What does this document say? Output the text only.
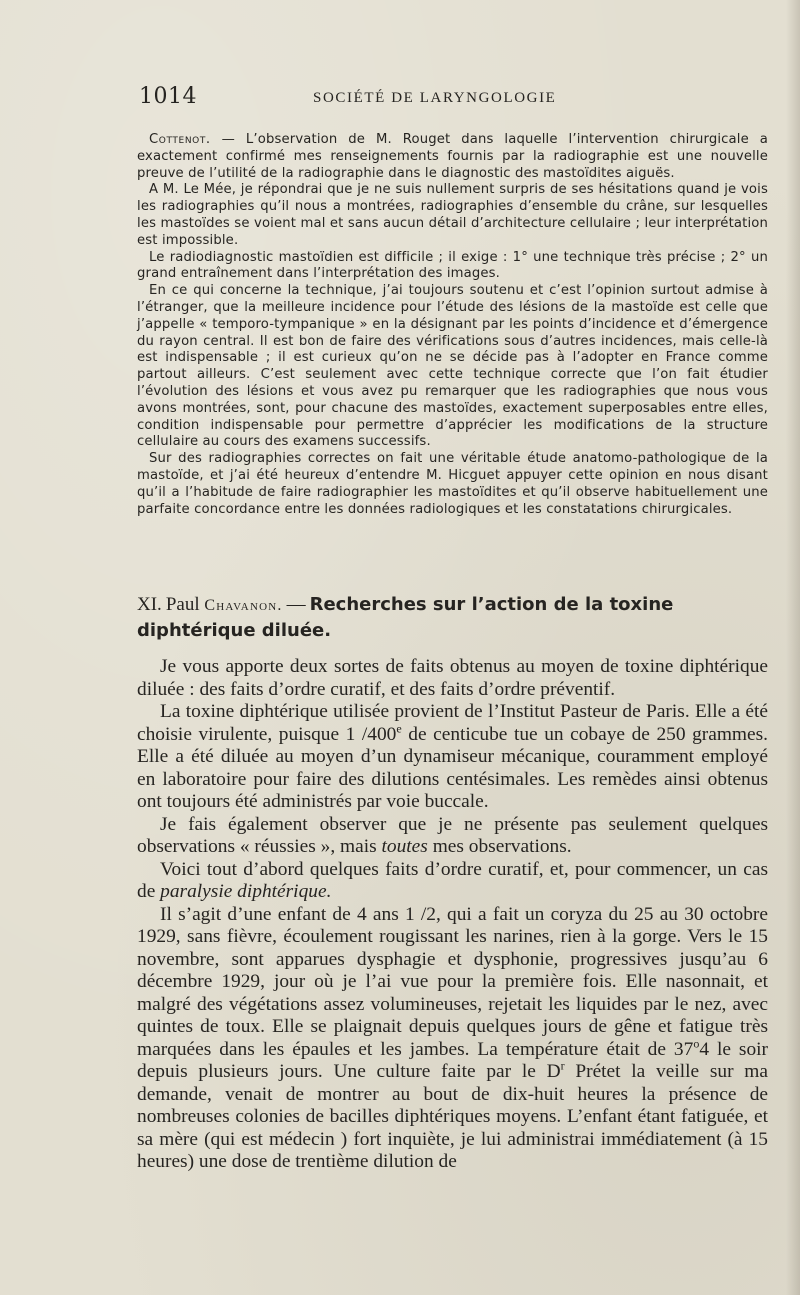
1014	SOCIÉTÉ DE LARYNGOLOGIE

Cottenot. — L’observation de M. Rouget dans laquelle l’intervention chirurgicale a exactement confirmé mes renseignements fournis par la radiographie est une nouvelle preuve de l’utilité de la radiographie dans le diagnostic des mastoïdites aiguës.

A M. Le Mée, je répondrai que je ne suis nullement surpris de ses hésitations quand je vois les radiographies qu’il nous a montrées, radiographies d’ensemble du crâne, sur lesquelles les mastoïdes se voient mal et sans aucun détail d’architecture cellulaire ; leur interprétation est impossible.

Le radiodiagnostic mastoïdien est difficile ; il exige : 1° une technique très précise ; 2° un grand entraînement dans l’interprétation des images.

En ce qui concerne la technique, j’ai toujours soutenu et c’est l’opinion surtout admise à l’étranger, que la meilleure incidence pour l’étude des lésions de la mastoïde est celle que j’appelle « temporo-tympanique » en la désignant par les points d’incidence et d’émergence du rayon central. Il est bon de faire des vérifications sous d’autres incidences, mais celle-là est indispensable ; il est curieux qu’on ne se décide pas à l’adopter en France comme partout ailleurs. C’est seulement avec cette technique correcte que l’on fait étudier l’évolution des lésions et vous avez pu remarquer que les radiographies que nous vous avons montrées, sont, pour chacune des mastoïdes, exactement superposables entre elles, condition indispensable pour permettre d’apprécier les modifications de la structure cellulaire au cours des examens successifs.

Sur des radiographies correctes on fait une véritable étude anatomo-pathologique de la mastoïde, et j’ai été heureux d’entendre M. Hicguet appuyer cette opinion en nous disant qu’il a l’habitude de faire radiographier les mastoïdites et qu’il observe habituellement une parfaite concordance entre les données radiologiques et les constatations chirurgicales.

XI. Paul Chavanon. — Recherches sur l’action de la toxine diphtérique diluée.

Je vous apporte deux sortes de faits obtenus au moyen de toxine diphtérique diluée : des faits d’ordre curatif, et des faits d’ordre préventif.

La toxine diphtérique utilisée provient de l’Institut Pasteur de Paris. Elle a été choisie virulente, puisque 1 /400e de centicube tue un cobaye de 250 grammes. Elle a été diluée au moyen d’un dynamiseur mécanique, couramment employé en laboratoire pour faire des dilutions centésimales. Les remèdes ainsi obtenus ont toujours été administrés par voie buccale.

Je fais également observer que je ne présente pas seulement quelques observations « réussies », mais toutes mes observations.

Voici tout d’abord quelques faits d’ordre curatif, et, pour commencer, un cas de paralysie diphtérique.

Il s’agit d’une enfant de 4 ans 1 /2, qui a fait un coryza du 25 au 30 octobre 1929, sans fièvre, écoulement rougissant les narines, rien à la gorge. Vers le 15 novembre, sont apparues dysphagie et dysphonie, progressives jusqu’au 6 décembre 1929, jour où je l’ai vue pour la première fois. Elle nasonnait, et malgré des végétations assez volumineuses, rejetait les liquides par le nez, avec quintes de toux. Elle se plaignait depuis quelques jours de gêne et fatigue très marquées dans les épaules et les jambes. La température était de 37$^o$4 le soir depuis plusieurs jours. Une culture faite par le $D^r$ Prétet la veille sur ma demande, venait de montrer au bout de dix-huit heures la présence de nombreuses colonies de bacilles diphtériques moyens. L’enfant étant fatiguée, et sa mère (qui est médecin ) fort inquiète, je lui administrai immédiatement (à 15 heures) une dose de trentième dilution de
